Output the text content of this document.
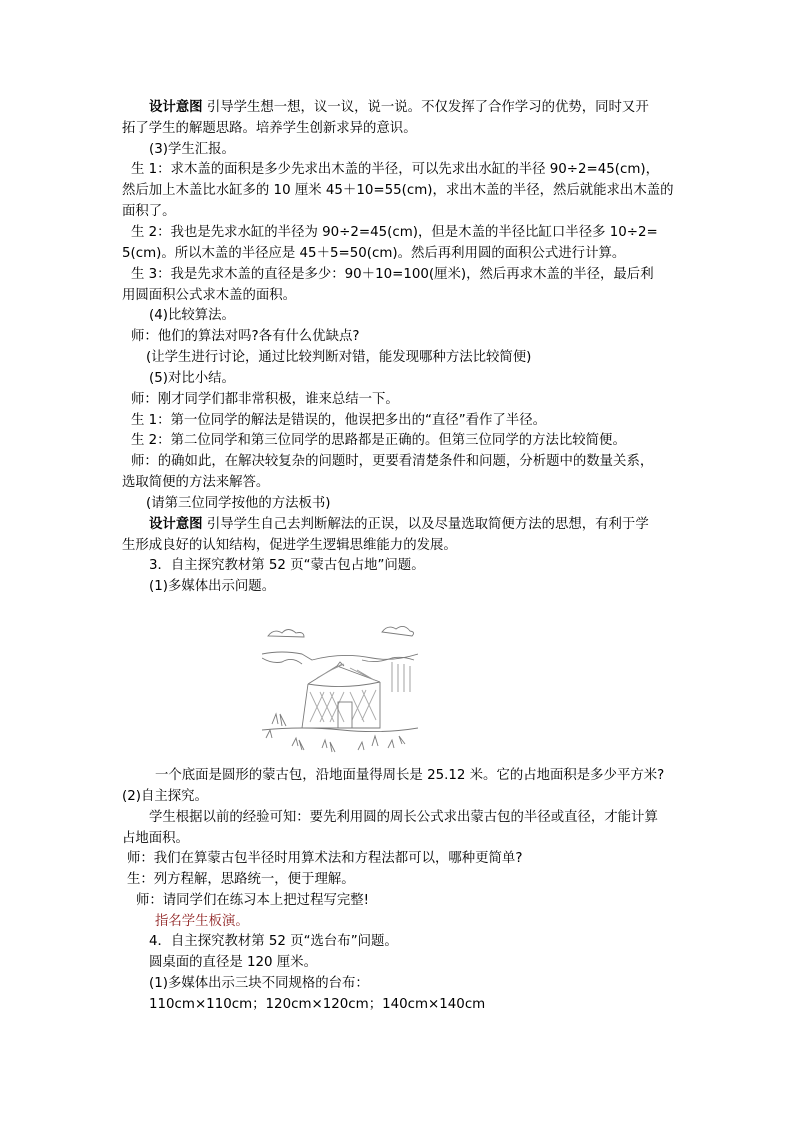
设计意图 引导学生想一想，议一议，说一说。不仅发挥了合作学习的优势，同时又开
拓了学生的解题思路。培养学生创新求异的意识。
(3)学生汇报。
生 1：求木盖的面积是多少先求出木盖的半径，可以先求出水缸的半径 90÷2=45(cm)，
然后加上木盖比水缸多的 10 厘米 45＋10=55(cm)，求出木盖的半径，然后就能求出木盖的
面积了。
生 2：我也是先求水缸的半径为 90÷2=45(cm)，但是木盖的半径比缸口半径多 10÷2=
5(cm)。所以木盖的半径应是 45＋5=50(cm)。然后再利用圆的面积公式进行计算。
生 3：我是先求木盖的直径是多少：90＋10=100(厘米)，然后再求木盖的半径，最后利
用圆面积公式求木盖的面积。
(4)比较算法。
师：他们的算法对吗?各有什么优缺点?
(让学生进行讨论，通过比较判断对错，能发现哪种方法比较简便)
(5)对比小结。
师：刚才同学们都非常积极，谁来总结一下。
生 1：第一位同学的解法是错误的，他误把多出的“直径”看作了半径。
生 2：第二位同学和第三位同学的思路都是正确的。但第三位同学的方法比较简便。
师：的确如此，在解决较复杂的问题时，更要看清楚条件和问题，分析题中的数量关系，
选取简便的方法来解答。
(请第三位同学按他的方法板书)
设计意图 引导学生自己去判断解法的正误，以及尽量选取简便方法的思想，有利于学
生形成良好的认知结构，促进学生逻辑思维能力的发展。
3．自主探究教材第 52 页“蒙古包占地”问题。
(1)多媒体出示问题。
一个底面是圆形的蒙古包，沿地面量得周长是 25.12 米。它的占地面积是多少平方米?
(2)自主探究。
学生根据以前的经验可知：要先利用圆的周长公式求出蒙古包的半径或直径，才能计算
占地面积。
师：我们在算蒙古包半径时用算术法和方程法都可以，哪种更简单?
生：列方程解，思路统一，便于理解。
师：请同学们在练习本上把过程写完整!
指名学生板演。
4．自主探究教材第 52 页“选台布”问题。
圆桌面的直径是 120 厘米。
(1)多媒体出示三块不同规格的台布：
110cm×110cm；120cm×120cm；140cm×140cm
